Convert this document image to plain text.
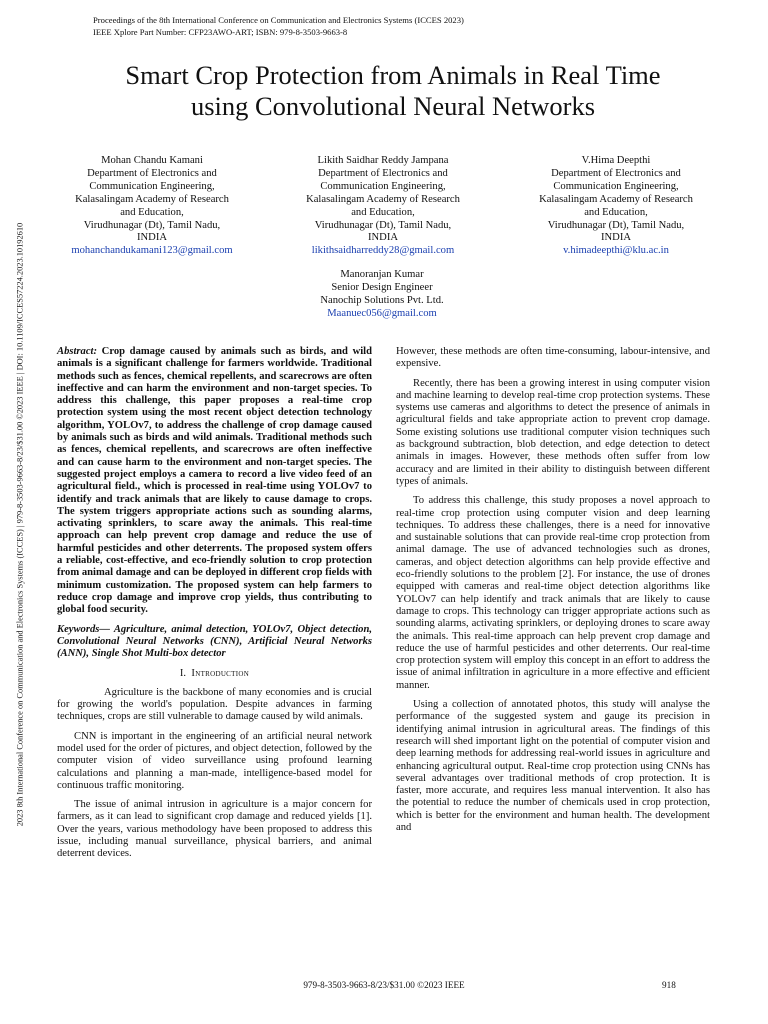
Proceedings of the 8th International Conference on Communication and Electronics Systems (ICCES 2023)
IEEE Xplore Part Number: CFP23AWO-ART; ISBN: 979-8-3503-9663-8
2023 8th International Conference on Communication and Electronics Systems (ICCES) | 979-8-3503-9663-8/23/$31.00 ©2023 IEEE | DOI: 10.1109/ICCES57224.2023.10192610
Smart Crop Protection from Animals in Real Time
using Convolutional Neural Networks
Mohan Chandu Kamani
Department of Electronics and
Communication Engineering,
Kalasalingam Academy of Research
and Education,
Virudhunagar (Dt), Tamil Nadu,
INDIA
mohanchandukamani123@gmail.com
Likith Saidhar Reddy Jampana
Department of Electronics and
Communication Engineering,
Kalasalingam Academy of Research
and Education,
Virudhunagar (Dt), Tamil Nadu,
INDIA
likithsaidharreddy28@gmail.com
V.Hima Deepthi
Department of Electronics and
Communication Engineering,
Kalasalingam Academy of Research
and Education,
Virudhunagar (Dt), Tamil Nadu,
INDIA
v.himadeepthi@klu.ac.in
Manoranjan Kumar
Senior Design Engineer
Nanochip Solutions Pvt. Ltd.
Maanuec056@gmail.com

Abstract: Crop damage caused by animals such as birds, and wild animals is a significant challenge for farmers worldwide. Traditional methods such as fences, chemical repellents, and scarecrows are often ineffective and can harm the environment and non-target species. To address this challenge, this paper proposes a real-time crop protection system using the most recent object detection technology algorithm, YOLOv7, to address the challenge of crop damage caused by animals such as birds and wild animals. Traditional methods such as fences, chemical repellents, and scarecrows are often ineffective and can cause harm to the environment and non-target species. The suggested project employs a camera to record a live video feed of an agricultural field., which is processed in real-time using YOLOv7 to identify and track animals that are likely to cause damage to crops. The system triggers appropriate actions such as sounding alarms, activating sprinklers, to scare away the animals. This real-time approach can help prevent crop damage and reduce the use of harmful pesticides and other deterrents. The proposed system offers a reliable, cost-effective, and eco-friendly solution to crop protection from animal damage and can be deployed in different crop fields with minimum customization. The proposed system can help farmers to reduce crop damage and improve crop yields, thus contributing to global food security.

Keywords— Agriculture, animal detection, YOLOv7, Object detection, Convolutional Neural Networks (CNN), Artificial Neural Networks (ANN), Single Shot Multi-box detector

I. Introduction

Agriculture is the backbone of many economies and is crucial for growing the world's population. Despite advances in farming techniques, crops are still vulnerable to damage caused by wild animals.

CNN is important in the engineering of an artificial neural network model used for the order of pictures, and object detection, followed by the computer vision of video surveillance using profound learning calculations and planning a man-made, intelligence-based model for continuous traffic monitoring.

The issue of animal intrusion in agriculture is a major concern for farmers, as it can lead to significant crop damage and reduced yields [1]. Over the years, various methodology have been proposed to address this issue, including manual surveillance, physical barriers, and animal deterrent devices.

However, these methods are often time-consuming, labour-intensive, and expensive.

Recently, there has been a growing interest in using computer vision and machine learning to develop real-time crop protection systems. These systems use cameras and algorithms to detect the presence of animals in agricultural fields and take appropriate action to prevent crop damage. Some existing solutions use traditional computer vision techniques such as background subtraction, blob detection, and edge detection to detect animals in images. However, these methods often suffer from low accuracy and are limited in their ability to distinguish between different types of animals.

To address this challenge, this study proposes a novel approach to real-time crop protection using computer vision and deep learning techniques. To address these challenges, there is a need for innovative and sustainable solutions that can provide real-time crop protection from animal damage. The use of advanced technologies such as drones, cameras, and object detection algorithms can help provide effective and eco-friendly solutions to the problem [2]. For instance, the use of drones equipped with cameras and real-time object detection algorithms like YOLOv7 can help identify and track animals that are likely to cause damage to crops. This technology can trigger appropriate actions such as sounding alarms, activating sprinklers, or deploying drones to scare away the animals. This real-time approach can help prevent crop damage and reduce the use of harmful pesticides and other deterrents. Our real-time crop protection system will employ this concept in an effort to address the issue of animal infiltration in agriculture in a more effective and efficient manner.

Using a collection of annotated photos, this study will analyse the performance of the suggested system and gauge its precision in identifying animal intrusion in agricultural areas. The findings of this research will shed important light on the potential of computer vision and deep learning methods for addressing real-world issues in agriculture and enhancing agricultural output. Real-time crop protection using CNNs has several advantages over traditional methods of crop protection. It is faster, more accurate, and requires less manual intervention. It also has the potential to reduce the number of chemicals used in crop protection, which is better for the environment and human health. The development and

979-8-3503-9663-8/23/$31.00 ©2023 IEEE	918
